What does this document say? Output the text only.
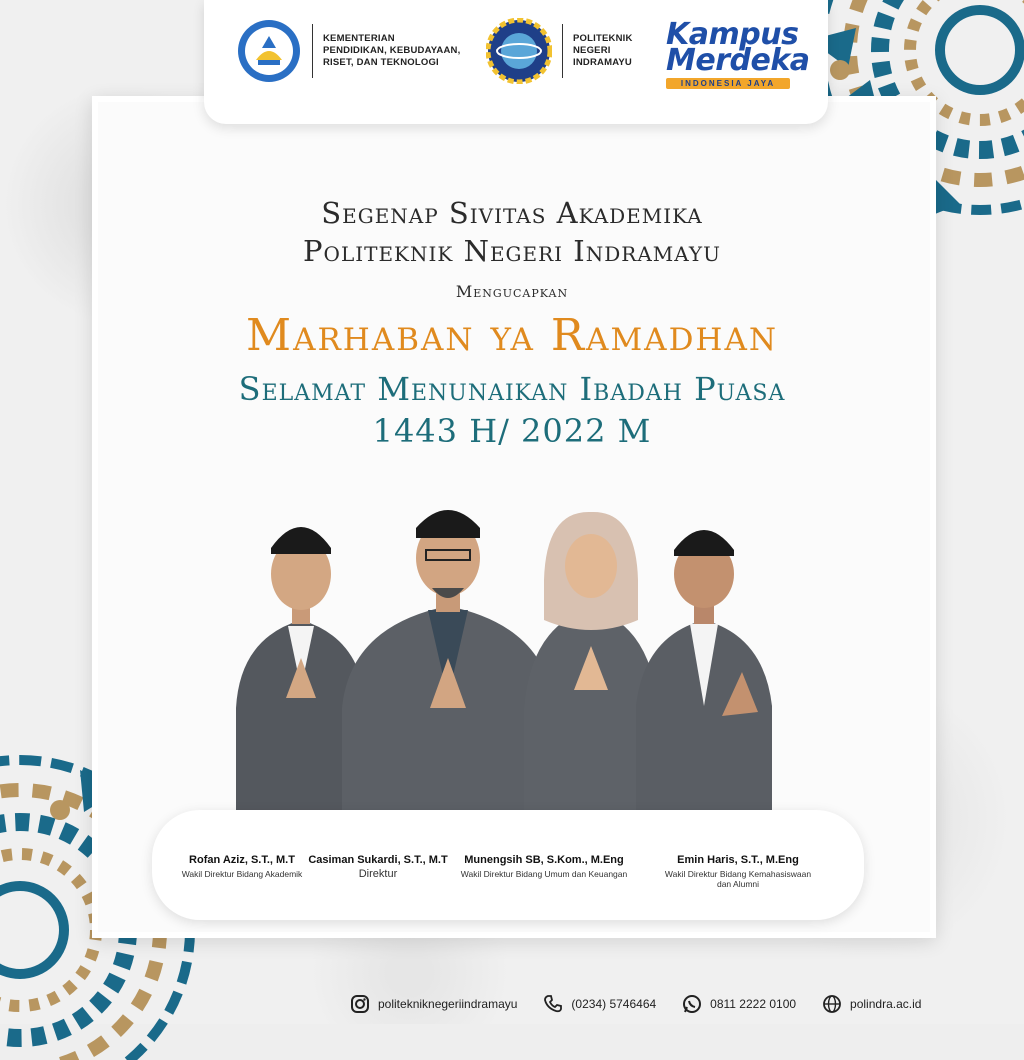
KEMENTERIAN
PENDIDIKAN, KEBUDAYAAN,
RISET, DAN TEKNOLOGI
POLITEKNIK
NEGERI
INDRAMAYU
Kampus
Merdeka
INDONESIA JAYA
Segenap Sivitas Akademika
Politeknik Negeri Indramayu
Mengucapkan
Marhaban ya Ramadhan
Selamat Menunaikan Ibadah Puasa
1443 H/ 2022 M
Rofan Aziz, S.T., M.T
Wakil Direktur Bidang Akademik
Casiman Sukardi, S.T., M.T
Direktur
Munengsih SB, S.Kom., M.Eng
Wakil Direktur Bidang Umum dan Keuangan
Emin Haris, S.T., M.Eng
Wakil Direktur Bidang Kemahasiswaan dan Alumni
politekniknegeriindramayu	(0234) 5746464	0811 2222 0100	polindra.ac.id
